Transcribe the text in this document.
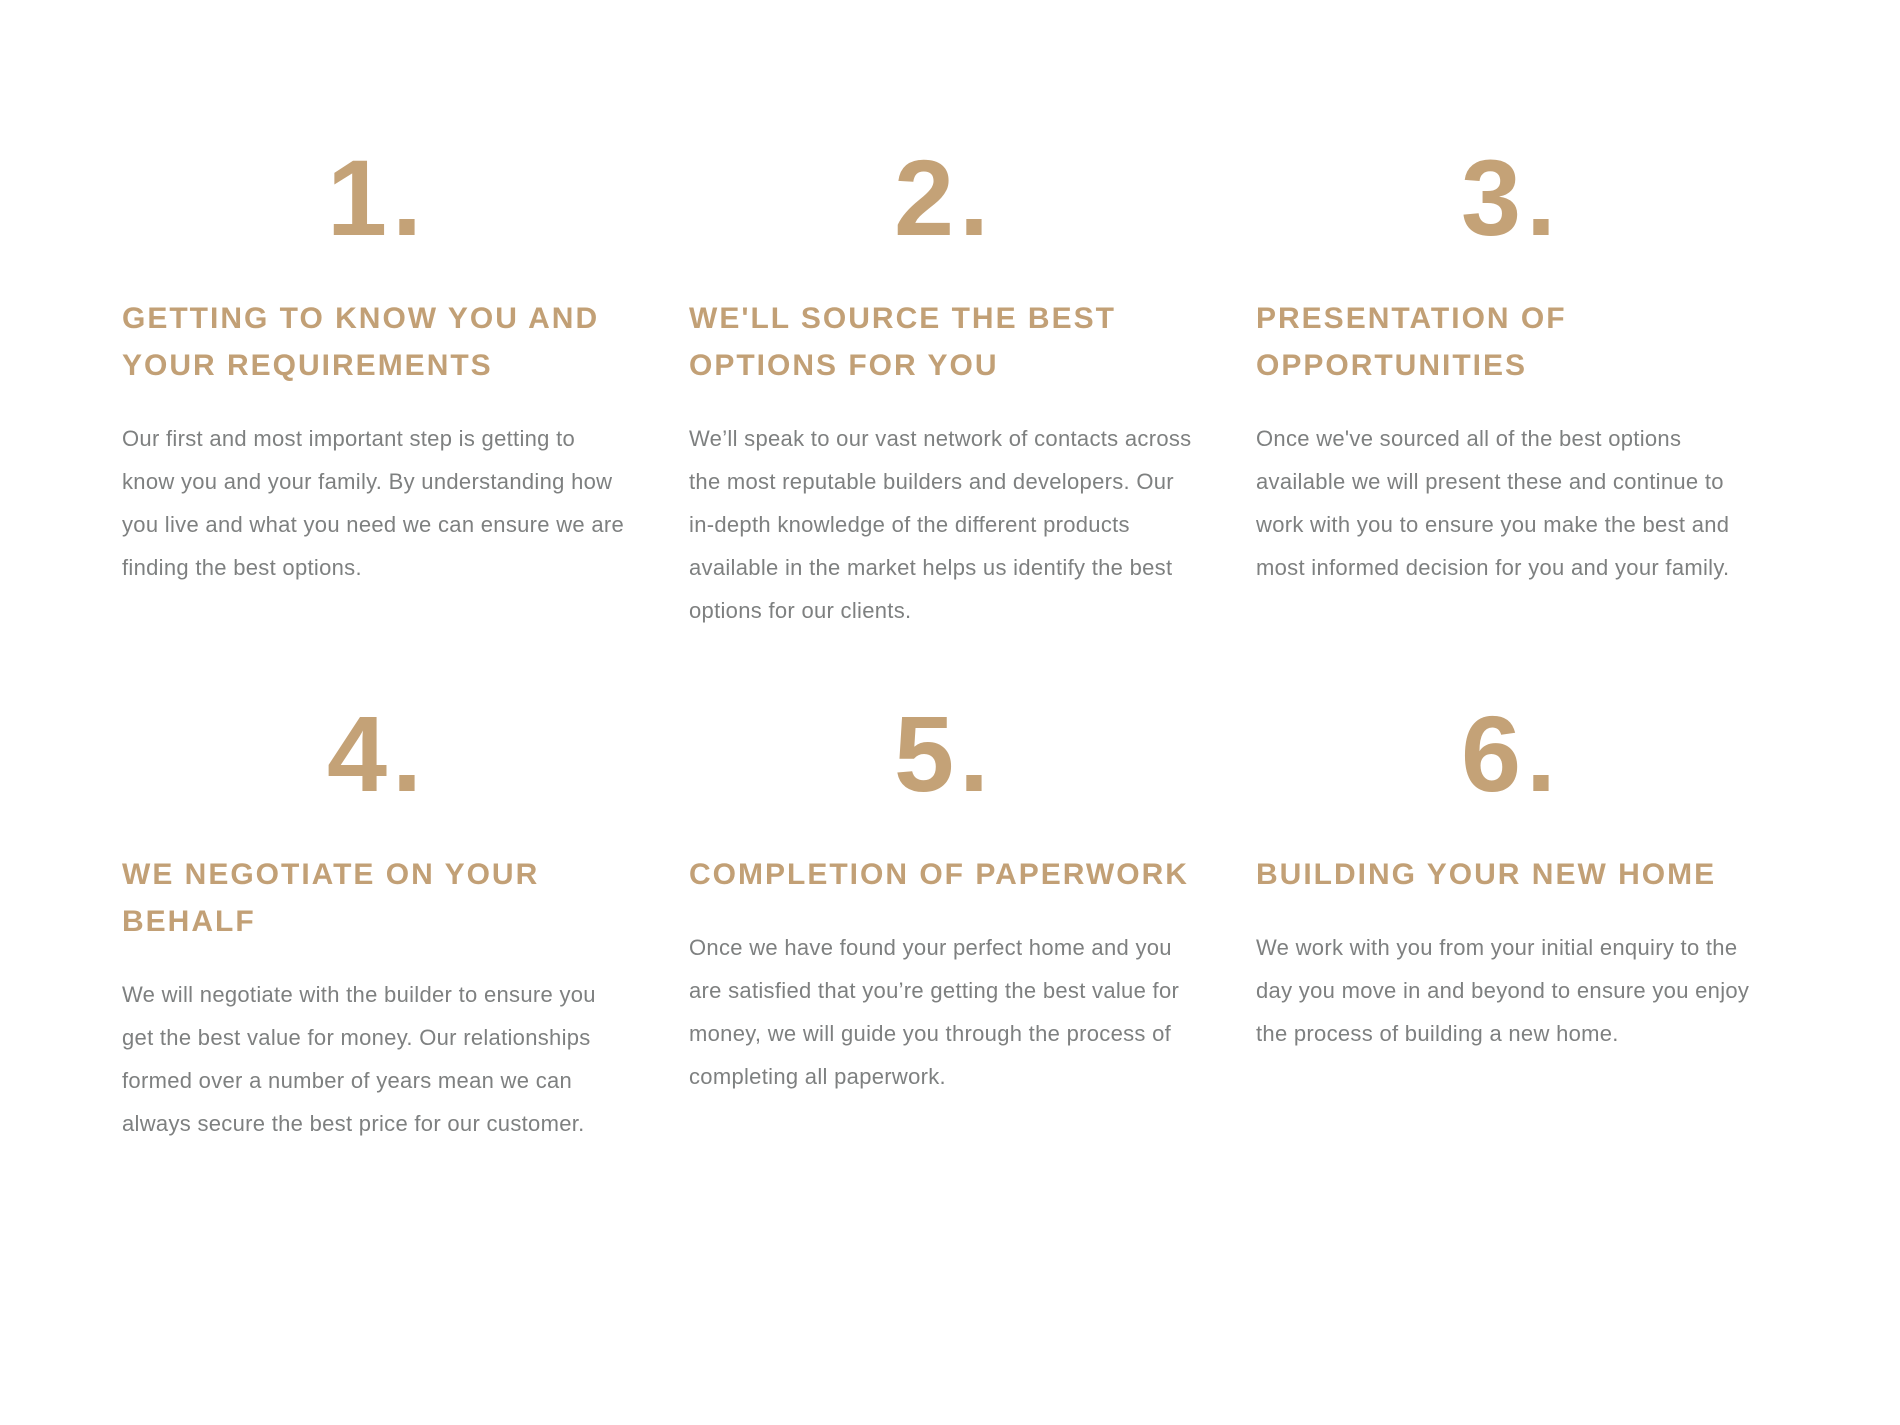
1.
GETTING TO KNOW YOU AND YOUR REQUIREMENTS

Our first and most important step is getting to know you and your family. By understanding how you live and what you need we can ensure we are finding the best options.

2.
WE'LL SOURCE THE BEST OPTIONS FOR YOU

We’ll speak to our vast network of contacts across the most reputable builders and developers. Our in-depth knowledge of the different products available in the market helps us identify the best options for our clients.

3.
PRESENTATION OF OPPORTUNITIES

Once we've sourced all of the best options available we will present these and continue to work with you to ensure you make the best and most informed decision for you and your family.

4.
WE NEGOTIATE ON YOUR BEHALF

We will negotiate with the builder to ensure you get the best value for money. Our relationships formed over a number of years mean we can always secure the best price for our customer.

5.
COMPLETION OF PAPERWORK

Once we have found your perfect home and you are satisfied that you’re getting the best value for money, we will guide you through the process of completing all paperwork.

6.
BUILDING YOUR NEW HOME

We work with you from your initial enquiry to the day you move in and beyond to ensure you enjoy the process of building a new home.
